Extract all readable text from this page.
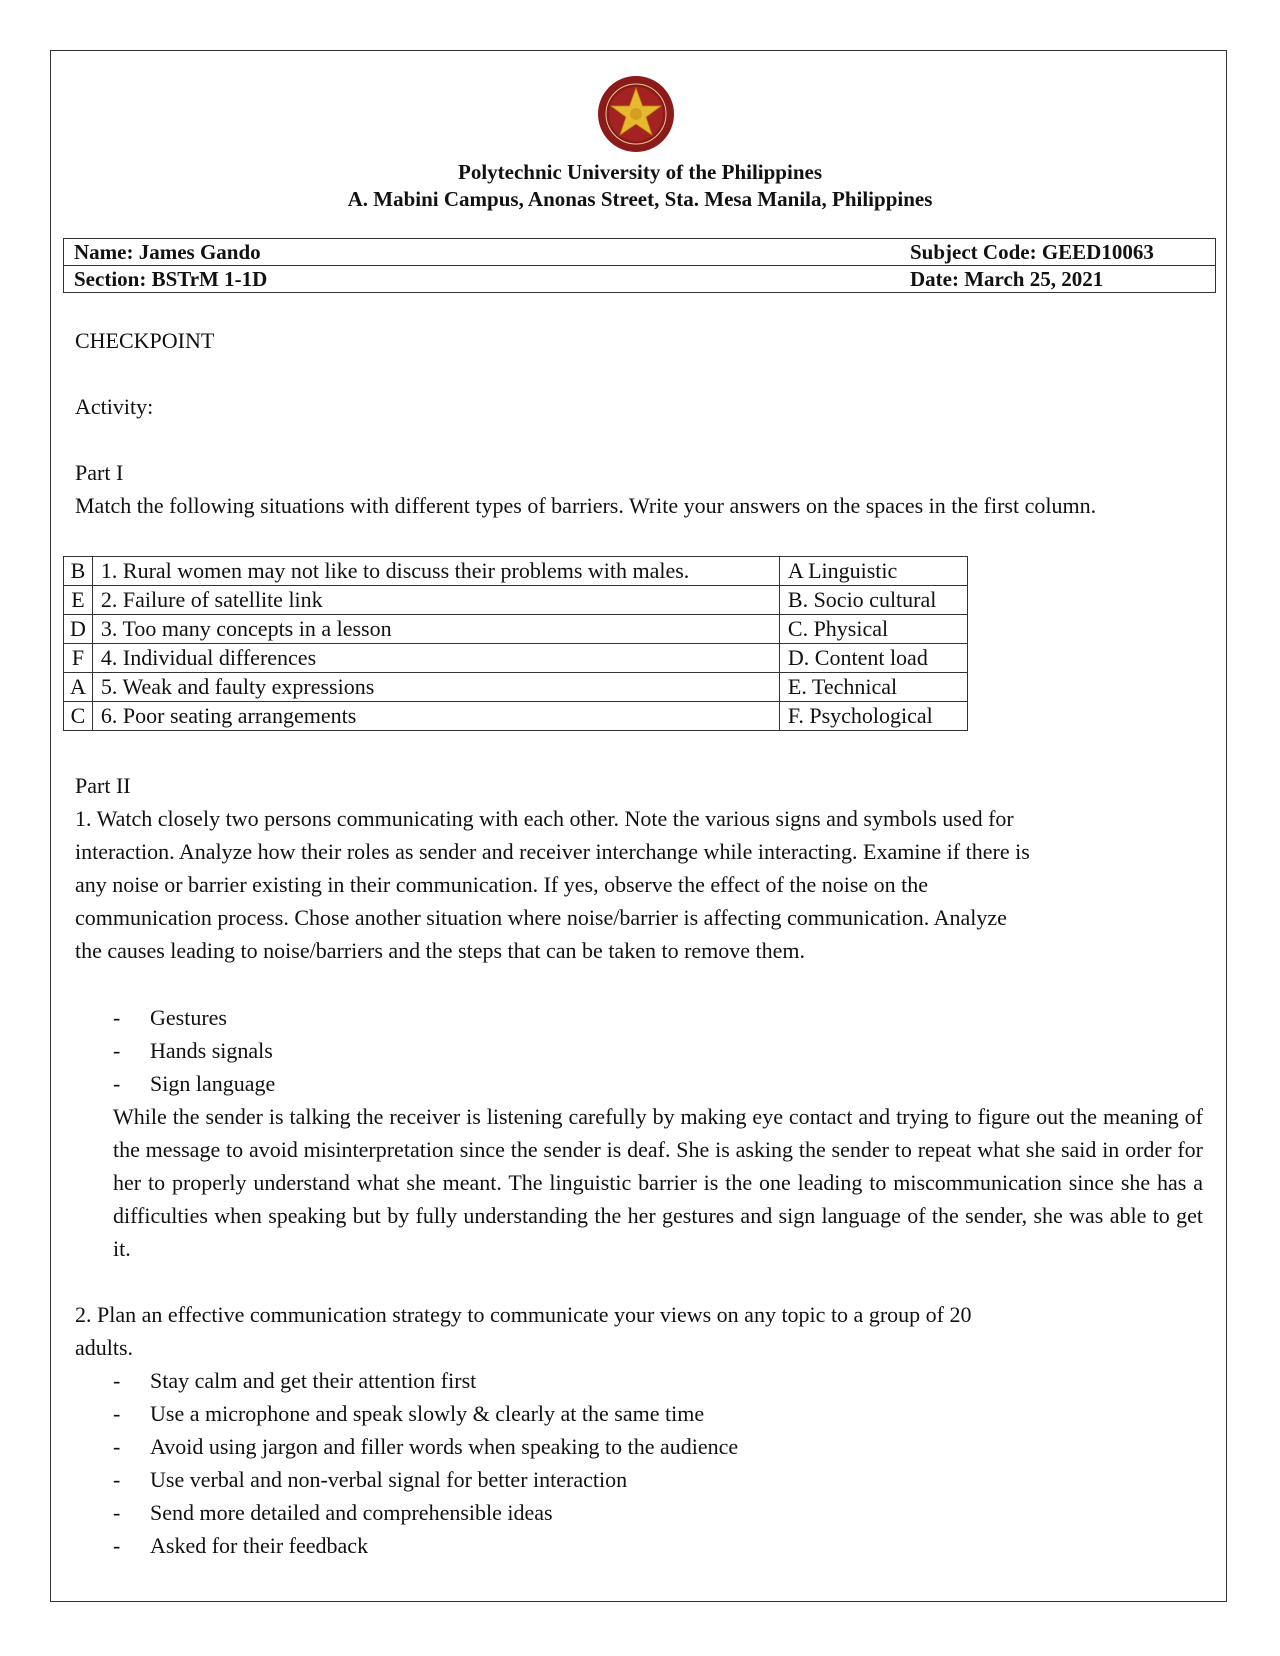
Polytechnic University of the Philippines
A. Mabini Campus, Anonas Street, Sta. Mesa Manila, Philippines
Name: James Gando	Subject Code: GEED10063
Section: BSTrM 1-1D	Date: March 25, 2021
CHECKPOINT
Activity:
Part I
Match the following situations with different types of barriers. Write your answers on the spaces in the first column.
B	1. Rural women may not like to discuss their problems with males.	A Linguistic
E	2. Failure of satellite link	B. Socio cultural
D	3. Too many concepts in a lesson	C. Physical
F	4. Individual differences	D. Content load
A	5. Weak and faulty expressions	E. Technical
C	6. Poor seating arrangements	F. Psychological
Part II
1. Watch closely two persons communicating with each other. Note the various signs and symbols used for interaction. Analyze how their roles as sender and receiver interchange while interacting. Examine if there is any noise or barrier existing in their communication. If yes, observe the effect of the noise on the communication process. Chose another situation where noise/barrier is affecting communication. Analyze the causes leading to noise/barriers and the steps that can be taken to remove them.
-	Gestures
-	Hands signals
-	Sign language
While the sender is talking the receiver is listening carefully by making eye contact and trying to figure out the meaning of the message to avoid misinterpretation since the sender is deaf. She is asking the sender to repeat what she said in order for her to properly understand what she meant. The linguistic barrier is the one leading to miscommunication since she has a difficulties when speaking but by fully understanding the her gestures and sign language of the sender, she was able to get it.
2. Plan an effective communication strategy to communicate your views on any topic to a group of 20 adults.
-	Stay calm and get their attention first
-	Use a microphone and speak slowly & clearly at the same time
-	Avoid using jargon and filler words when speaking to the audience
-	Use verbal and non-verbal signal for better interaction
-	Send more detailed and comprehensible ideas
-	Asked for their feedback
